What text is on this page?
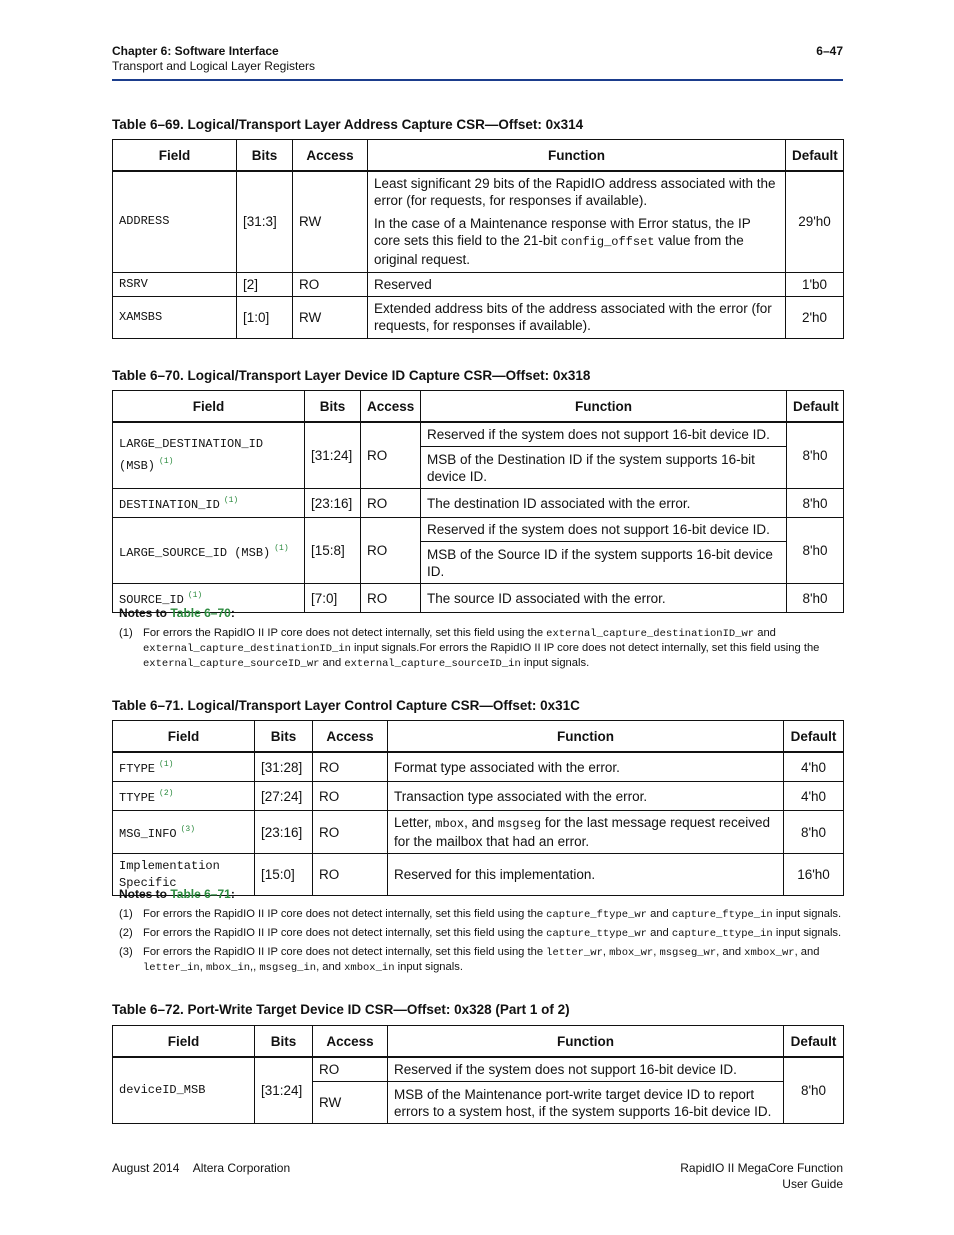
Chapter 6: Software Interface
Transport and Logical Layer Registers
6–47
Table 6–69. Logical/Transport Layer Address Capture CSR—Offset: 0x314
Field	Bits	Access	Function	Default
ADDRESS	[31:3]	RW	Least significant 29 bits of the RapidIO address associated with the error (for requests, for responses if available).

In the case of a Maintenance response with Error status, the IP core sets this field to the 21-bit config_offset value from the original request.	29'h0
RSRV	[2]	RO	Reserved	1'b0
XAMSBS	[1:0]	RW	Extended address bits of the address associated with the error (for requests, for responses if available).	2'h0
Table 6–70. Logical/Transport Layer Device ID Capture CSR—Offset: 0x318
Field	Bits	Access	Function	Default
LARGE_DESTINATION_ID (MSB) $^{(1)}$	[31:24]	RO	Reserved if the system does not support 16-bit device ID.	8'h0
			MSB of the Destination ID if the system supports 16-bit device ID.	
DESTINATION_ID $^{(1)}$	[23:16]	RO	The destination ID associated with the error.	8'h0
LARGE_SOURCE_ID (MSB) $^{(1)}$	[15:8]	RO	Reserved if the system does not support 16-bit device ID.	8'h0
			MSB of the Source ID if the system supports 16-bit device ID.	
SOURCE_ID $^{(1)}$	[7:0]	RO	The source ID associated with the error.	8'h0
Notes to Table 6–70:
(1) For errors the RapidIO II IP core does not detect internally, set this field using the external_capture_destinationID_wr and external_capture_destinationID_in input signals.For errors the RapidIO II IP core does not detect internally, set this field using the external_capture_sourceID_wr and external_capture_sourceID_in input signals.
Table 6–71. Logical/Transport Layer Control Capture CSR—Offset: 0x31C
Field	Bits	Access	Function	Default
FTYPE $^{(1)}$	[31:28]	RO	Format type associated with the error.	4'h0
TTYPE $^{(2)}$	[27:24]	RO	Transaction type associated with the error.	4'h0
MSG_INFO $^{(3)}$	[23:16]	RO	Letter, mbox, and msgseg for the last message request received for the mailbox that had an error.	8'h0
Implementation Specific	[15:0]	RO	Reserved for this implementation.	16'h0
Notes to Table 6–71:
(1) For errors the RapidIO II IP core does not detect internally, set this field using the capture_ftype_wr and capture_ftype_in input signals.
(2) For errors the RapidIO II IP core does not detect internally, set this field using the capture_ttype_wr and capture_ttype_in input signals.
(3) For errors the RapidIO II IP core does not detect internally, set this field using the letter_wr, mbox_wr, msgseg_wr, and xmbox_wr, and letter_in, mbox_in,, msgseg_in, and xmbox_in input signals.
Table 6–72. Port-Write Target Device ID CSR—Offset: 0x328 (Part 1 of 2)
Field	Bits	Access	Function	Default
deviceID_MSB	[31:24]	RO	Reserved if the system does not support 16-bit device ID.	8'h0
		RW	MSB of the Maintenance port-write target device ID to report errors to a system host, if the system supports 16-bit device ID.	
August 2014 Altera Corporation	RapidIO II MegaCore Function
User Guide
